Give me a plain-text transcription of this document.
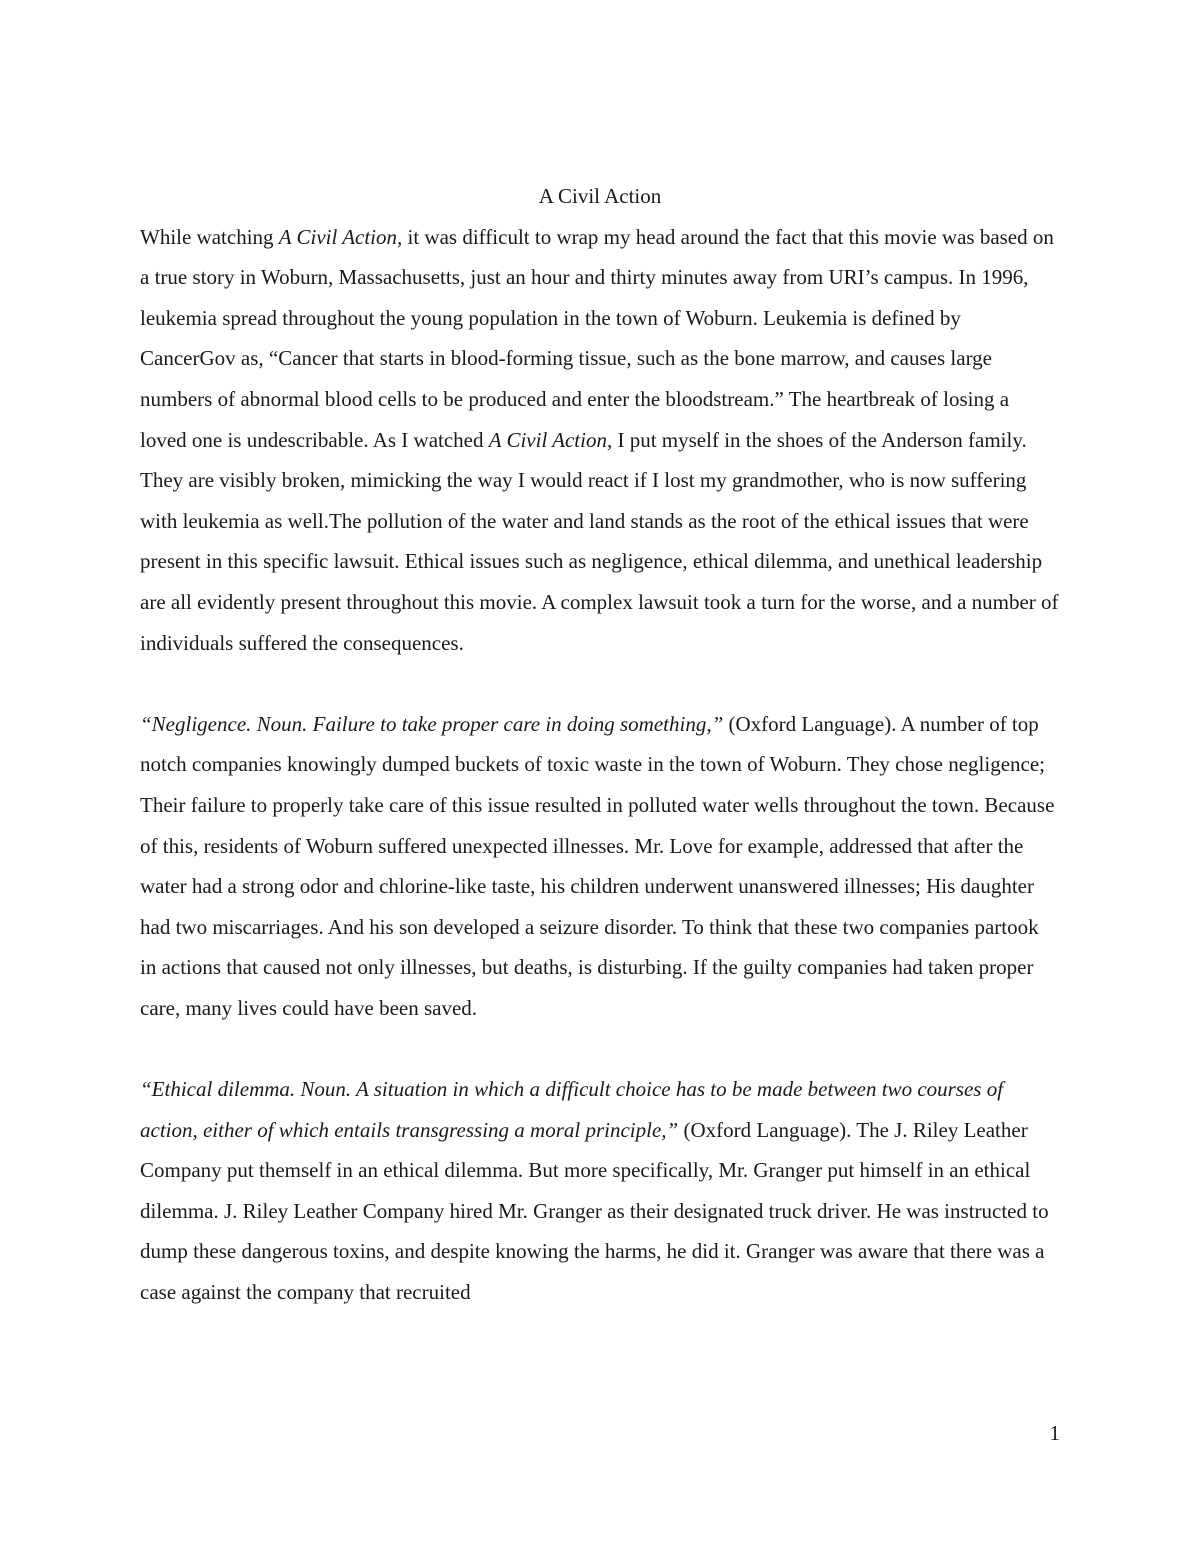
A Civil Action

While watching A Civil Action, it was difficult to wrap my head around the fact that this movie was based on a true story in Woburn, Massachusetts, just an hour and thirty minutes away from URI’s campus. In 1996, leukemia spread throughout the young population in the town of Woburn. Leukemia is defined by CancerGov as, “Cancer that starts in blood-forming tissue, such as the bone marrow, and causes large numbers of abnormal blood cells to be produced and enter the bloodstream.” The heartbreak of losing a loved one is undescribable. As I watched A Civil Action, I put myself in the shoes of the Anderson family. They are visibly broken, mimicking the way I would react if I lost my grandmother, who is now suffering with leukemia as well.The pollution of the water and land stands as the root of the ethical issues that were present in this specific lawsuit. Ethical issues such as negligence, ethical dilemma, and unethical leadership are all evidently present throughout this movie. A complex lawsuit took a turn for the worse, and a number of individuals suffered the consequences.

“Negligence. Noun. Failure to take proper care in doing something,” (Oxford Language). A number of top notch companies knowingly dumped buckets of toxic waste in the town of Woburn. They chose negligence; Their failure to properly take care of this issue resulted in polluted water wells throughout the town. Because of this, residents of Woburn suffered unexpected illnesses. Mr. Love for example, addressed that after the water had a strong odor and chlorine-like taste, his children underwent unanswered illnesses; His daughter had two miscarriages. And his son developed a seizure disorder. To think that these two companies partook in actions that caused not only illnesses, but deaths, is disturbing. If the guilty companies had taken proper care, many lives could have been saved.

“Ethical dilemma. Noun. A situation in which a difficult choice has to be made between two courses of action, either of which entails transgressing a moral principle,” (Oxford Language). The J. Riley Leather Company put themself in an ethical dilemma. But more specifically, Mr. Granger put himself in an ethical dilemma. J. Riley Leather Company hired Mr. Granger as their designated truck driver. He was instructed to dump these dangerous toxins, and despite knowing the harms, he did it. Granger was aware that there was a case against the company that recruited

1
